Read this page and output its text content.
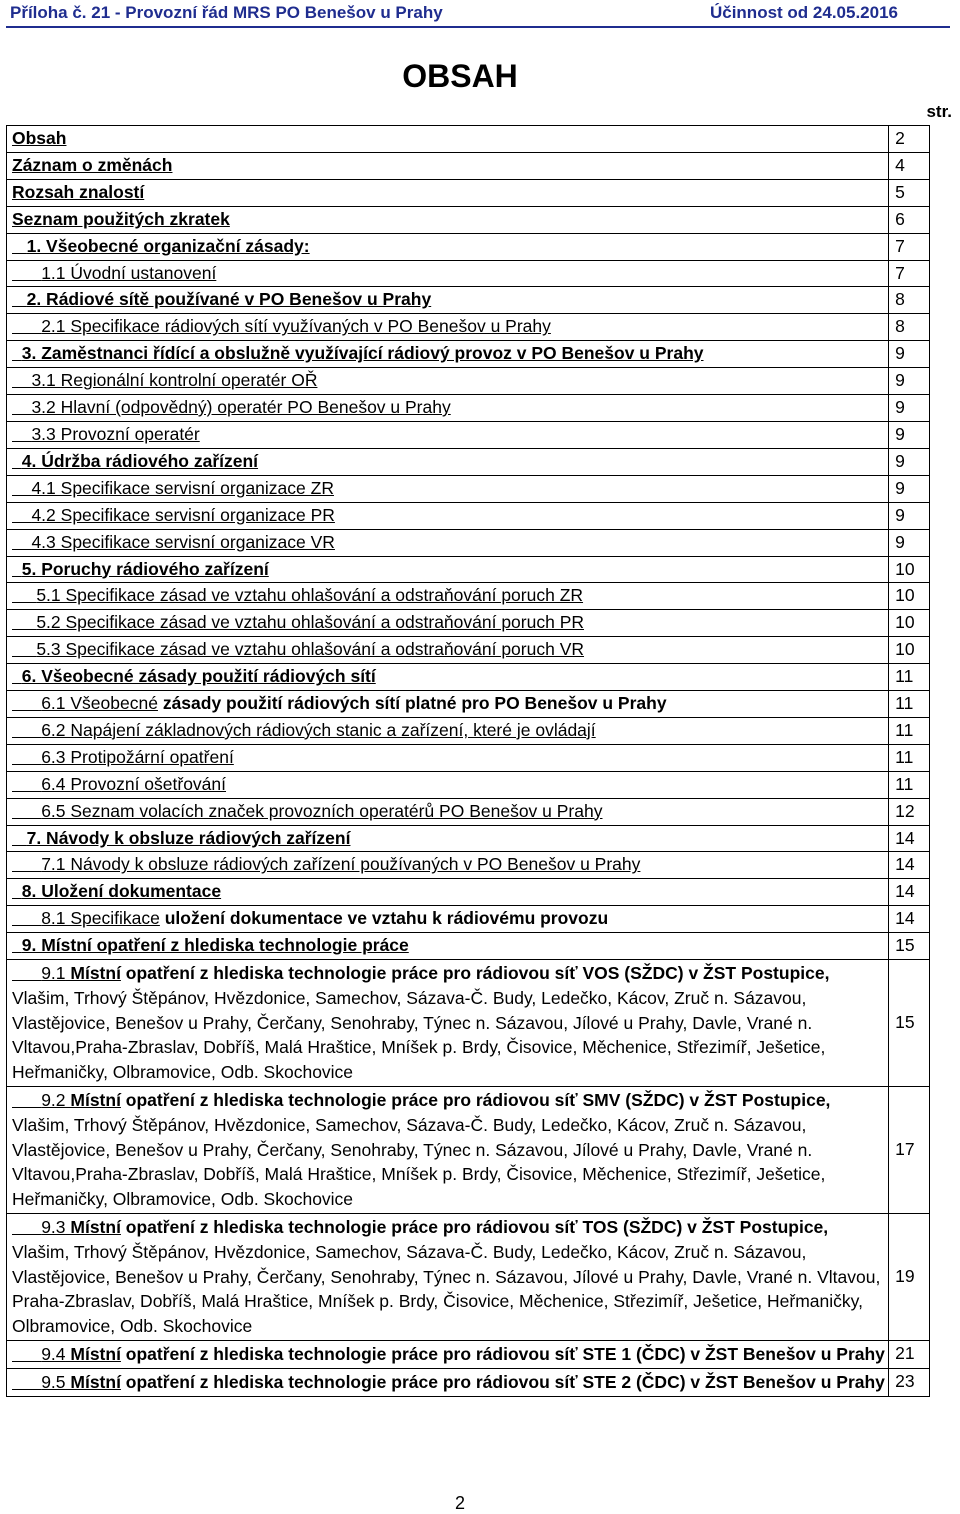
Příloha č. 21 - Provozní řád MRS PO Benešov u Prahy	Účinnost od 24.05.2016
OBSAH
str.
Obsah	2
Záznam o změnách	4
Rozsah znalostí	5
Seznam použitých zkratek	6
1. Všeobecné organizační zásady:	7
1.1 Úvodní ustanovení	7
2. Rádiové sítě používané v PO Benešov u Prahy	8
2.1 Specifikace rádiových sítí využívaných v PO Benešov u Prahy	8
3. Zaměstnanci řídící a obslužně využívající rádiový provoz v PO Benešov u Prahy	9
3.1 Regionální kontrolní operatér OŘ	9
3.2 Hlavní (odpovědný) operatér PO Benešov u Prahy	9
3.3 Provozní operatér	9
4. Údržba rádiového zařízení	9
4.1 Specifikace servisní organizace ZR	9
4.2 Specifikace servisní organizace PR	9
4.3 Specifikace servisní organizace VR	9
5. Poruchy rádiového zařízení	10
5.1 Specifikace zásad ve vztahu ohlašování a odstraňování poruch ZR	10
5.2 Specifikace zásad ve vztahu ohlašování a odstraňování poruch PR	10
5.3 Specifikace zásad ve vztahu ohlašování a odstraňování poruch VR	10
6. Všeobecné zásady použití rádiových sítí	11
6.1 Všeobecné zásady použití rádiových sítí platné pro PO Benešov u Prahy	11
6.2 Napájení základnových rádiových stanic a zařízení, které je ovládají	11
6.3 Protipožární opatření	11
6.4 Provozní ošetřování	11
6.5 Seznam volacích značek provozních operatérů PO Benešov u Prahy	12
7. Návody k obsluze rádiových zařízení	14
7.1 Návody k obsluze rádiových zařízení používaných v PO Benešov u Prahy	14
8. Uložení dokumentace	14
8.1 Specifikace uložení dokumentace ve vztahu k rádiovému provozu	14
9. Místní opatření z hlediska technologie práce	15
9.1 Místní opatření z hlediska technologie práce pro rádiovou síť VOS (SŽDC) v ŽST Postupice, Vlašim, Trhový Štěpánov, Hvězdonice, Samechov, Sázava-Č. Budy, Ledečko, Kácov, Zruč n. Sázavou, Vlastějovice, Benešov u Prahy, Čerčany, Senohraby, Týnec n. Sázavou, Jílové u Prahy, Davle, Vrané n. Vltavou,Praha-Zbraslav, Dobříš, Malá Hraštice, Mníšek p. Brdy, Čisovice, Měchenice, Střezimíř, Ješetice, Heřmaničky, Olbramovice, Odb. Skochovice	15
9.2 Místní opatření z hlediska technologie práce pro rádiovou síť SMV (SŽDC) v ŽST Postupice, Vlašim, Trhový Štěpánov, Hvězdonice, Samechov, Sázava-Č. Budy, Ledečko, Kácov, Zruč n. Sázavou, Vlastějovice, Benešov u Prahy, Čerčany, Senohraby, Týnec n. Sázavou, Jílové u Prahy, Davle, Vrané n. Vltavou,Praha-Zbraslav, Dobříš, Malá Hraštice, Mníšek p. Brdy, Čisovice, Měchenice, Střezimíř, Ješetice, Heřmaničky, Olbramovice, Odb. Skochovice	17
9.3 Místní opatření z hlediska technologie práce pro rádiovou síť TOS (SŽDC) v ŽST Postupice, Vlašim, Trhový Štěpánov, Hvězdonice, Samechov, Sázava-Č. Budy, Ledečko, Kácov, Zruč n. Sázavou, Vlastějovice, Benešov u Prahy, Čerčany, Senohraby, Týnec n. Sázavou, Jílové u Prahy, Davle, Vrané n. Vltavou, Praha-Zbraslav, Dobříš, Malá Hraštice, Mníšek p. Brdy, Čisovice, Měchenice, Střezimíř, Ješetice, Heřmaničky, Olbramovice, Odb. Skochovice	19
9.4 Místní opatření z hlediska technologie práce pro rádiovou síť STE 1 (ČDC) v ŽST Benešov u Prahy	21
9.5 Místní opatření z hlediska technologie práce pro rádiovou síť STE 2 (ČDC) v ŽST Benešov u Prahy	23
2
